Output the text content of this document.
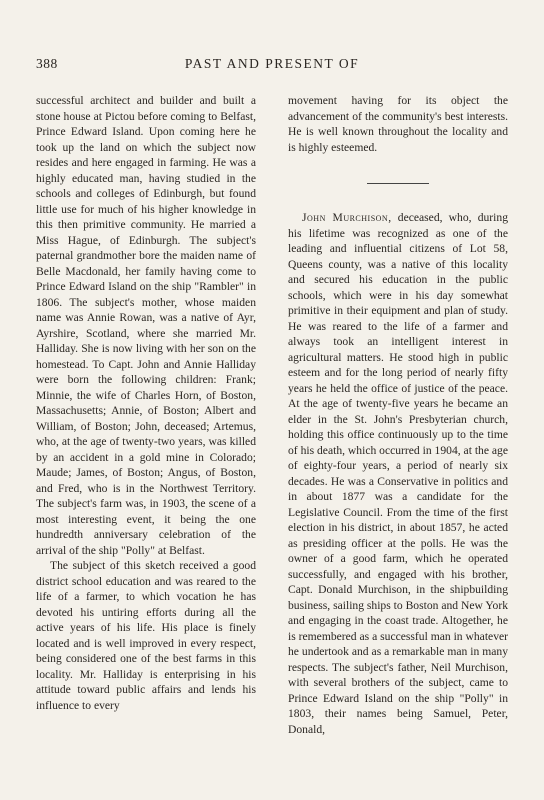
388	PAST AND PRESENT OF

successful architect and builder and built a stone house at Pictou before coming to Belfast, Prince Edward Island. Upon coming here he took up the land on which the subject now resides and here engaged in farming. He was a highly educated man, having studied in the schools and colleges of Edinburgh, but found little use for much of his higher knowledge in this then primitive community. He married a Miss Hague, of Edinburgh. The subject's paternal grandmother bore the maiden name of Belle Macdonald, her family having come to Prince Edward Island on the ship "Rambler" in 1806. The subject's mother, whose maiden name was Annie Rowan, was a native of Ayr, Ayrshire, Scotland, where she married Mr. Halliday. She is now living with her son on the homestead. To Capt. John and Annie Halliday were born the following children: Frank; Minnie, the wife of Charles Horn, of Boston, Massachusetts; Annie, of Boston; Albert and William, of Boston; John, deceased; Artemus, who, at the age of twenty-two years, was killed by an accident in a gold mine in Colorado; Maude; James, of Boston; Angus, of Boston, and Fred, who is in the Northwest Territory. The subject's farm was, in 1903, the scene of a most interesting event, it being the one hundredth anniversary celebration of the arrival of the ship "Polly" at Belfast.

The subject of this sketch received a good district school education and was reared to the life of a farmer, to which vocation he has devoted his untiring efforts during all the active years of his life. His place is finely located and is well improved in every respect, being considered one of the best farms in this locality. Mr. Halliday is enterprising in his attitude toward public affairs and lends his influence to every

movement having for its object the advancement of the community's best interests. He is well known throughout the locality and is highly esteemed.

John Murchison, deceased, who, during his lifetime was recognized as one of the leading and influential citizens of Lot 58, Queens county, was a native of this locality and secured his education in the public schools, which were in his day somewhat primitive in their equipment and plan of study. He was reared to the life of a farmer and always took an intelligent interest in agricultural matters. He stood high in public esteem and for the long period of nearly fifty years he held the office of justice of the peace. At the age of twenty-five years he became an elder in the St. John's Presbyterian church, holding this office continuously up to the time of his death, which occurred in 1904, at the age of eighty-four years, a period of nearly six decades. He was a Conservative in politics and in about 1877 was a candidate for the Legislative Council. From the time of the first election in his district, in about 1857, he acted as presiding officer at the polls. He was the owner of a good farm, which he operated successfully, and engaged with his brother, Capt. Donald Murchison, in the shipbuilding business, sailing ships to Boston and New York and engaging in the coast trade. Altogether, he is remembered as a successful man in whatever he undertook and as a remarkable man in many respects. The subject's father, Neil Murchison, with several brothers of the subject, came to Prince Edward Island on the ship "Polly" in 1803, their names being Samuel, Peter, Donald,
